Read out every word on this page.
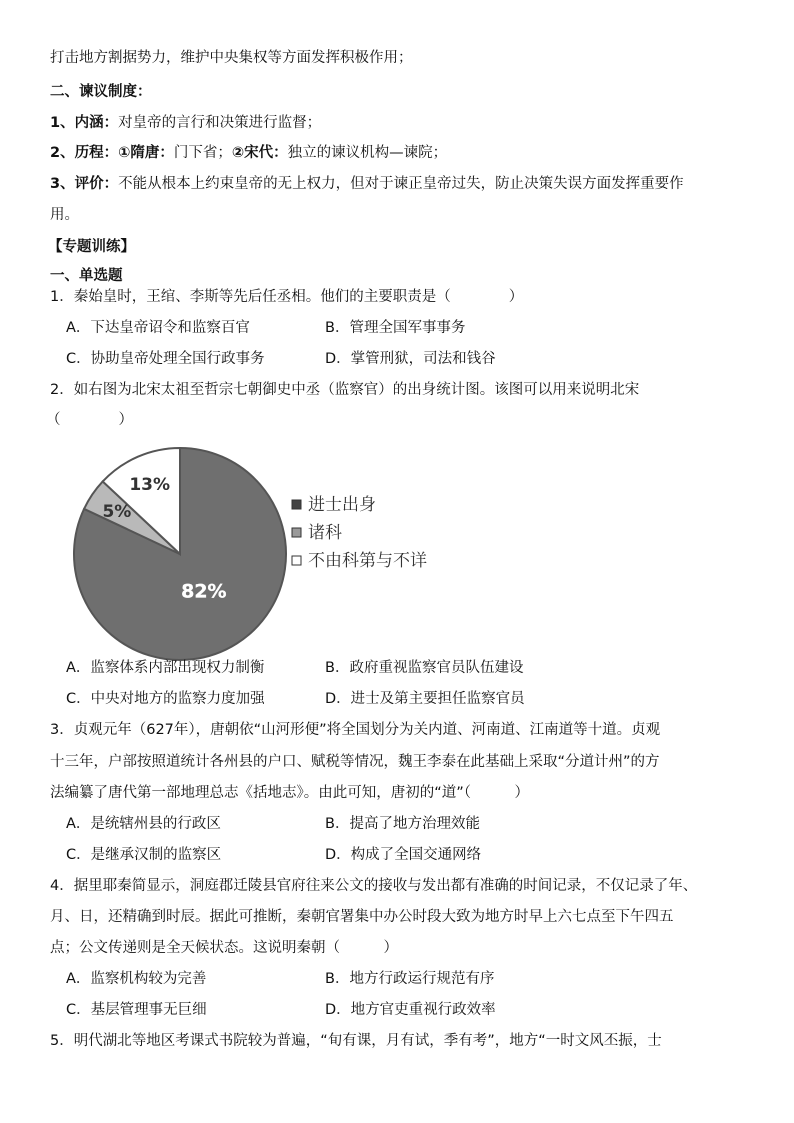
打击地方割据势力，维护中央集权等方面发挥积极作用；
二、谏议制度：
1、内涵：对皇帝的言行和决策进行监督；
2、历程：①隋唐：门下省；②宋代：独立的谏议机构—谏院；
3、评价：不能从根本上约束皇帝的无上权力，但对于谏正皇帝过失，防止决策失误方面发挥重要作
用。
【专题训练】
一、单选题
1．秦始皇时，王绾、李斯等先后任丞相。他们的主要职责是（　　　　）
A．下达皇帝诏令和监察百官	B．管理全国军事事务
C．协助皇帝处理全国行政事务	D．掌管刑狱，司法和钱谷
2．如右图为北宋太祖至哲宗七朝御史中丞（监察官）的出身统计图。该图可以用来说明北宋
（　　　　）
82%
5%
13%
进士出身
诸科
不由科第与不详
A．监察体系内部出现权力制衡	B．政府重视监察官员队伍建设
C．中央对地方的监察力度加强	D．进士及第主要担任监察官员
3．贞观元年（627年），唐朝依“山河形便”将全国划分为关内道、河南道、江南道等十道。贞观
十三年，户部按照道统计各州县的户口、赋税等情况，魏王李泰在此基础上采取“分道计州”的方
法编纂了唐代第一部地理总志《括地志》。由此可知，唐初的“道”（　　　）
A．是统辖州县的行政区	B．提高了地方治理效能
C．是继承汉制的监察区	D．构成了全国交通网络
4．据里耶秦简显示，洞庭郡迁陵县官府往来公文的接收与发出都有准确的时间记录，不仅记录了年、
月、日，还精确到时辰。据此可推断，秦朝官署集中办公时段大致为地方时早上六七点至下午四五
点；公文传递则是全天候状态。这说明秦朝（　　　）
A．监察机构较为完善	B．地方行政运行规范有序
C．基层管理事无巨细	D．地方官吏重视行政效率
5．明代湖北等地区考课式书院较为普遍，“旬有课，月有试，季有考”，地方“一时文风丕振，士
